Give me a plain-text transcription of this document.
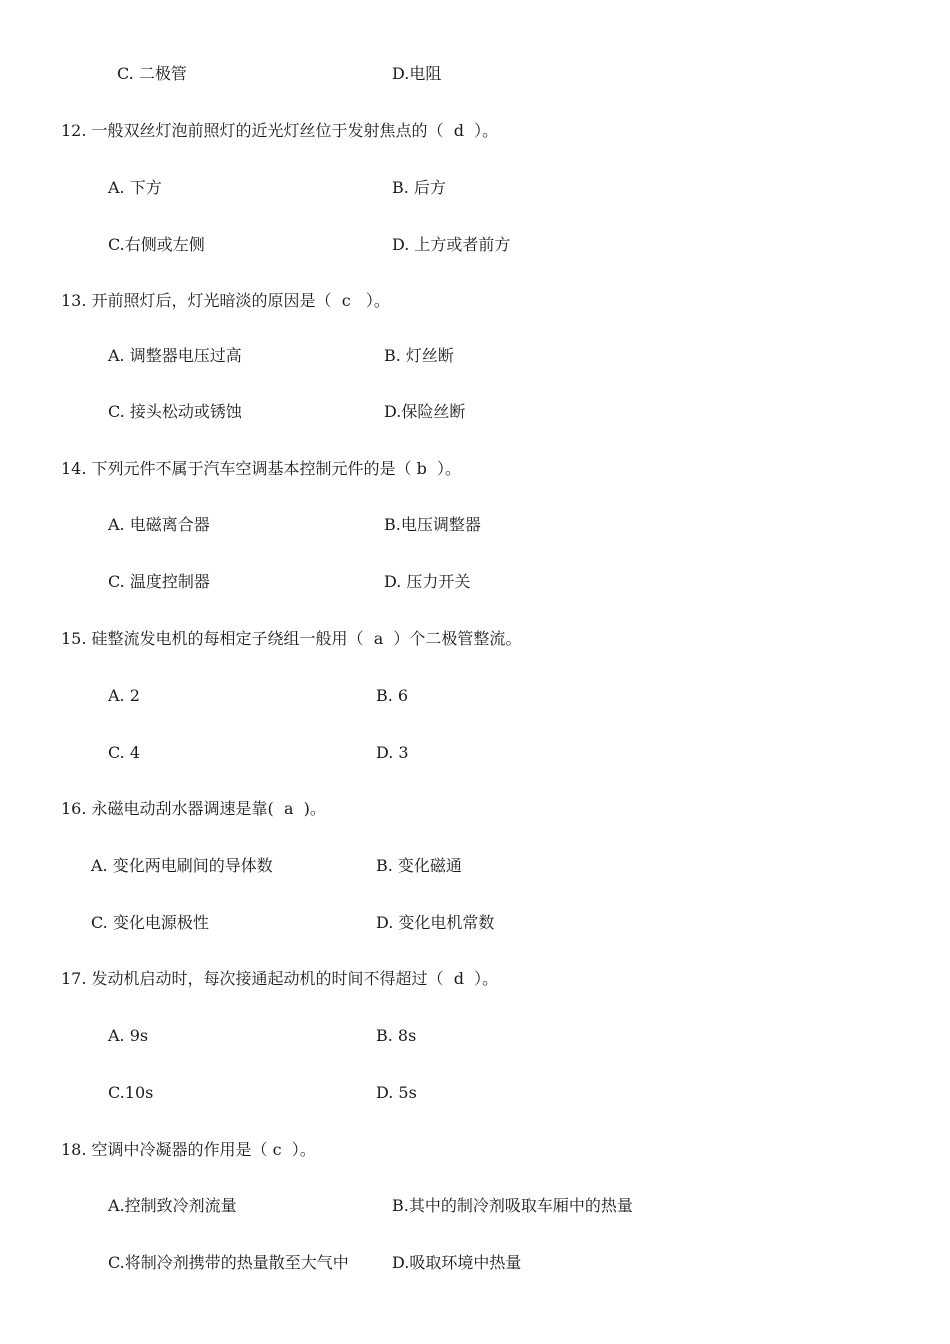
C. 二极管	D.电阻
12. 一般双丝灯泡前照灯的近光灯丝位于发射焦点的（  d  ）。
A. 下方	B. 后方
C.右侧或左侧	D. 上方或者前方
13. 开前照灯后，灯光暗淡的原因是（  c   ）。
A. 调整器电压过高	B. 灯丝断
C. 接头松动或锈蚀	D.保险丝断
14. 下列元件不属于汽车空调基本控制元件的是（ b  ）。
A. 电磁离合器	B.电压调整器
C. 温度控制器	D. 压力开关
15. 硅整流发电机的每相定子绕组一般用（  a  ）个二极管整流。
A. 2	B. 6
C. 4	D. 3
16. 永磁电动刮水器调速是靠(  a  )。
A. 变化两电刷间的导体数	B. 变化磁通
C. 变化电源极性	D. 变化电机常数
17. 发动机启动时，每次接通起动机的时间不得超过（  d  ）。
A. 9s	B. 8s
C.10s	D. 5s
18. 空调中冷凝器的作用是（ c  ）。
A.控制致冷剂流量	B.其中的制冷剂吸取车厢中的热量
C.将制冷剂携带的热量散至大气中	D.吸取环境中热量
